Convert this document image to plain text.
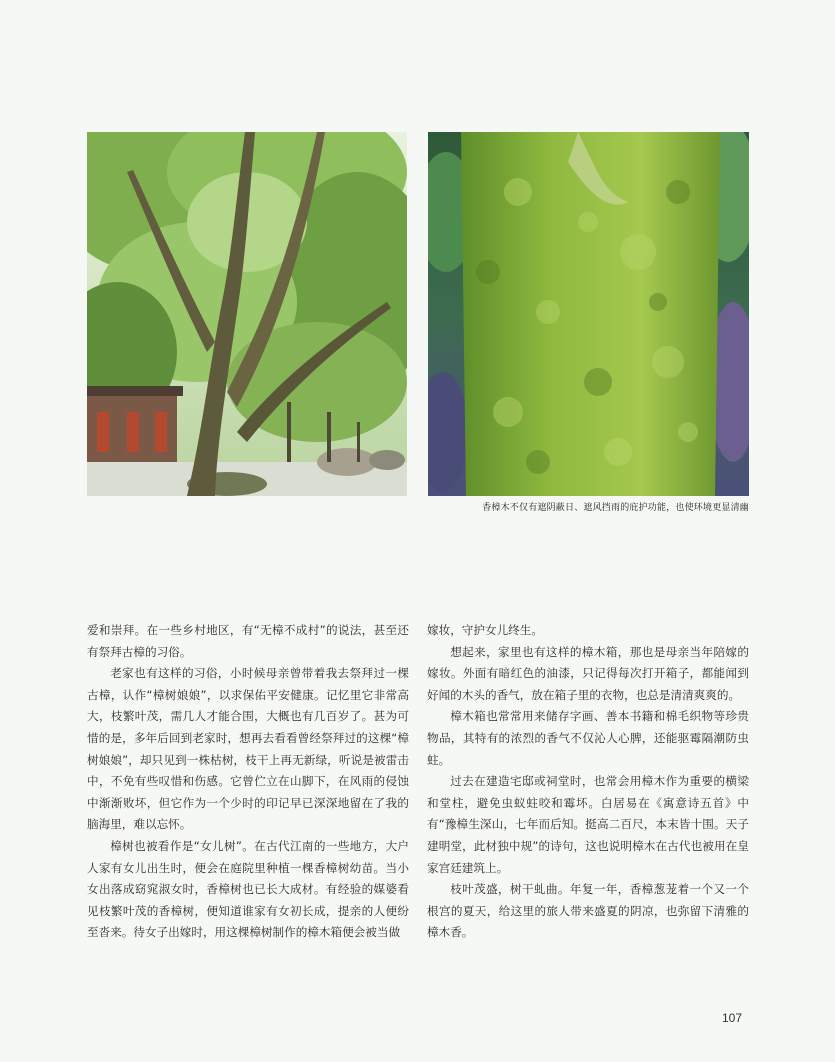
香樟木不仅有遮阴蔽日、遮风挡雨的庇护功能，也使环境更显清幽

爱和崇拜。在一些乡村地区，有“无樟不成村”的说法，甚至还有祭拜古樟的习俗。

老家也有这样的习俗，小时候母亲曾带着我去祭拜过一棵古樟，认作“樟树娘娘”，以求保佑平安健康。记忆里它非常高大，枝繁叶茂，需几人才能合围，大概也有几百岁了。甚为可惜的是，多年后回到老家时，想再去看看曾经祭拜过的这棵“樟树娘娘”，却只见到一株枯树，枝干上再无新绿，听说是被雷击中，不免有些叹惜和伤感。它曾伫立在山脚下，在风雨的侵蚀中渐渐败坏，但它作为一个少时的印记早已深深地留在了我的脑海里，难以忘怀。

樟树也被看作是“女儿树”。在古代江南的一些地方，大户人家有女儿出生时，便会在庭院里种植一棵香樟树幼苗。当小女出落成窈窕淑女时，香樟树也已长大成材。有经验的媒婆看见枝繁叶茂的香樟树，便知道谁家有女初长成，提亲的人便纷至沓来。待女子出嫁时，用这棵樟树制作的樟木箱便会被当做

嫁妆，守护女儿终生。

想起来，家里也有这样的樟木箱，那也是母亲当年陪嫁的嫁妆。外面有暗红色的油漆，只记得每次打开箱子，都能闻到好闻的木头的香气，放在箱子里的衣物，也总是清清爽爽的。

樟木箱也常常用来储存字画、善本书籍和棉毛织物等珍贵物品，其特有的浓烈的香气不仅沁人心脾，还能驱霉隔潮防虫蛀。

过去在建造宅邸或祠堂时，也常会用樟木作为重要的横梁和堂柱，避免虫蚁蛀咬和霉坏。白居易在《寓意诗五首》中有“豫樟生深山，七年而后知。挺高二百尺，本末皆十围。天子建明堂，此材独中规”的诗句，这也说明樟木在古代也被用在皇家宫廷建筑上。

枝叶茂盛，树干虬曲。年复一年，香樟葱茏着一个又一个根宫的夏天，给这里的旅人带来盛夏的阴凉，也弥留下清雅的樟木香。

107
